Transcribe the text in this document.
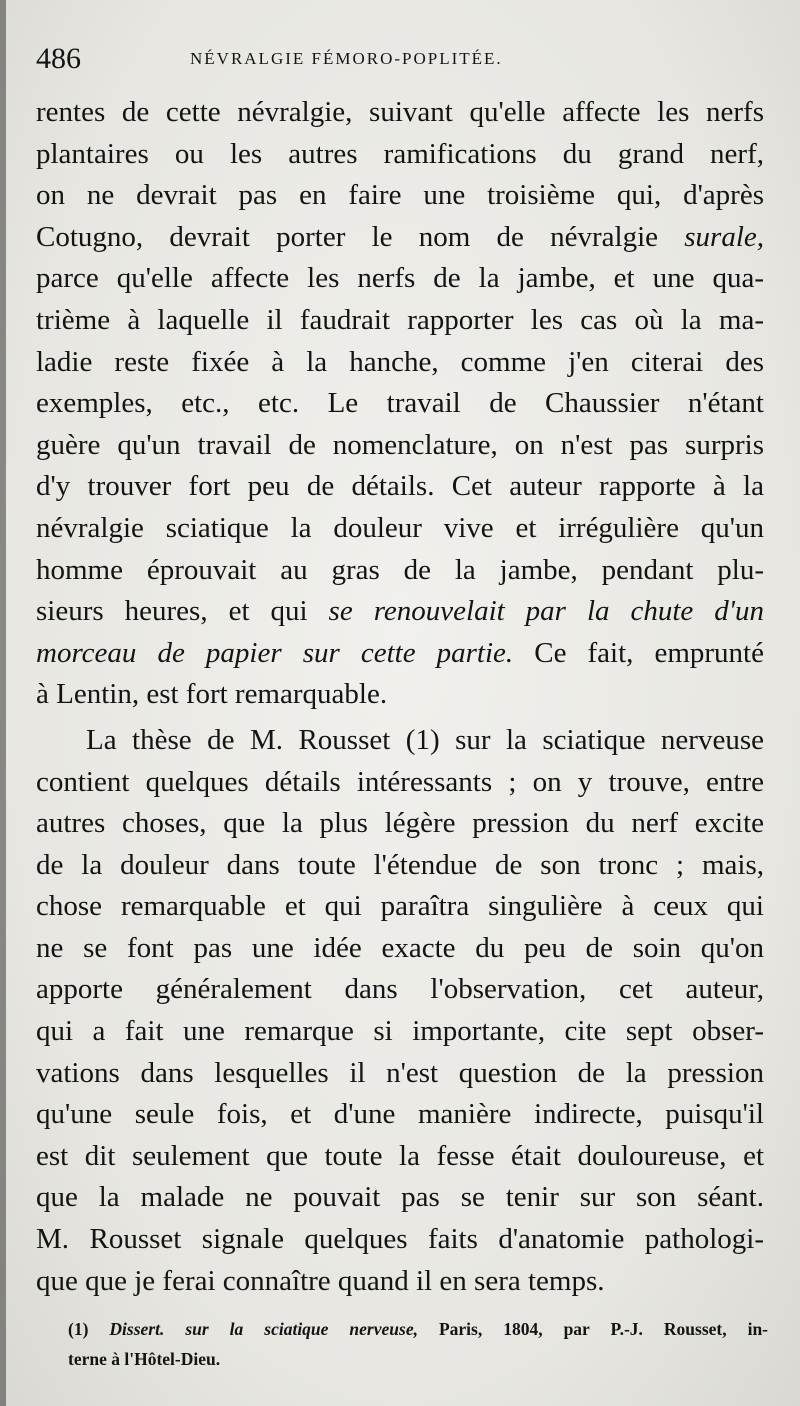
486	NÉVRALGIE FÉMORO-POPLITÉE.
rentes de cette névralgie, suivant qu'elle affecte les nerfs
plantaires ou les autres ramifications du grand nerf,
on ne devrait pas en faire une troisième qui, d'après
Cotugno, devrait porter le nom de névralgie surale,
parce qu'elle affecte les nerfs de la jambe, et une qua-
trième à laquelle il faudrait rapporter les cas où la ma-
ladie reste fixée à la hanche, comme j'en citerai des
exemples, etc., etc. Le travail de Chaussier n'étant
guère qu'un travail de nomenclature, on n'est pas surpris
d'y trouver fort peu de détails. Cet auteur rapporte à la
névralgie sciatique la douleur vive et irrégulière qu'un
homme éprouvait au gras de la jambe, pendant plu-
sieurs heures, et qui se renouvelait par la chute d'un
morceau de papier sur cette partie. Ce fait, emprunté
à Lentin, est fort remarquable.
La thèse de M. Rousset (1) sur la sciatique nerveuse
contient quelques détails intéressants ; on y trouve, entre
autres choses, que la plus légère pression du nerf excite
de la douleur dans toute l'étendue de son tronc ; mais,
chose remarquable et qui paraîtra singulière à ceux qui
ne se font pas une idée exacte du peu de soin qu'on
apporte généralement dans l'observation, cet auteur,
qui a fait une remarque si importante, cite sept obser-
vations dans lesquelles il n'est question de la pression
qu'une seule fois, et d'une manière indirecte, puisqu'il
est dit seulement que toute la fesse était douloureuse, et
que la malade ne pouvait pas se tenir sur son séant.
M. Rousset signale quelques faits d'anatomie pathologi-
que que je ferai connaître quand il en sera temps.
(1) Dissert. sur la sciatique nerveuse, Paris, 1804, par P.-J. Rousset, in-
terne à l'Hôtel-Dieu.
